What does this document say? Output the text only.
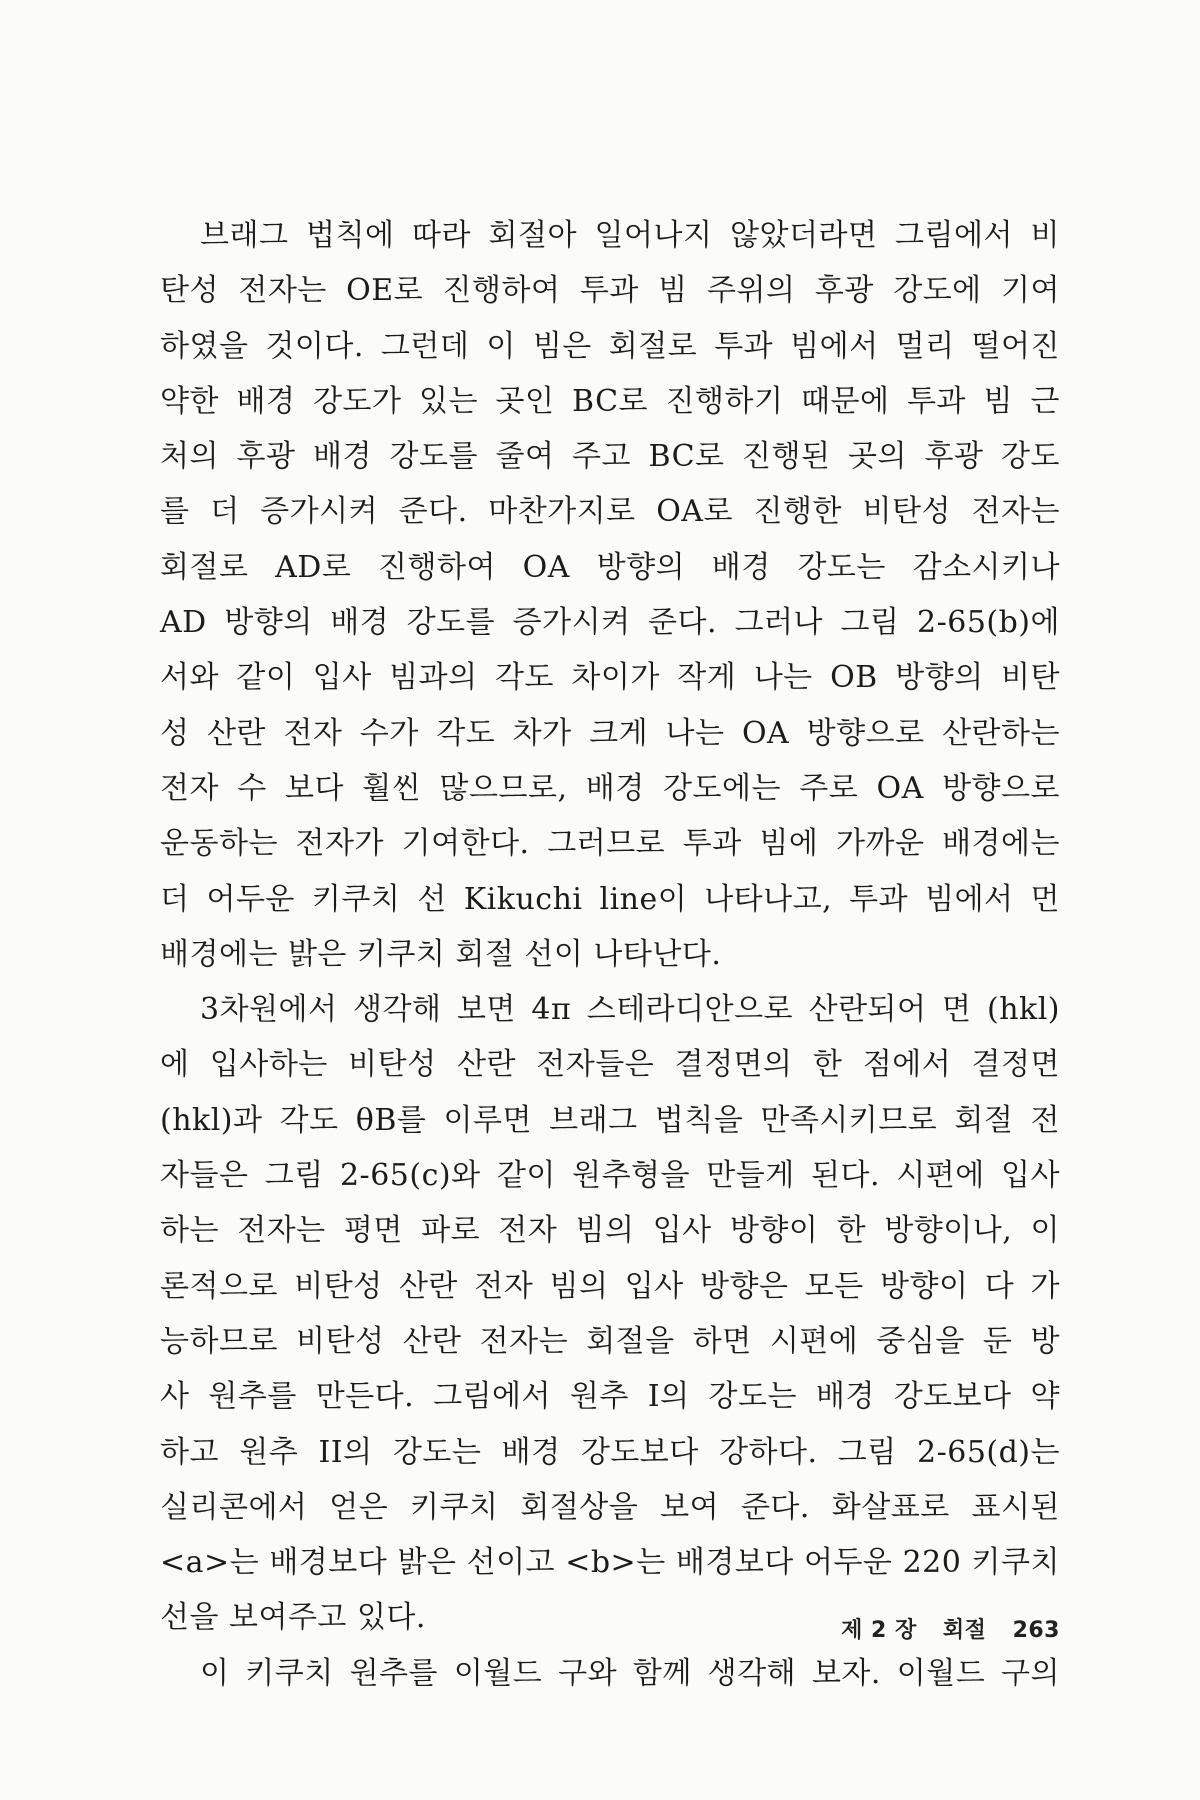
브래그 법칙에 따라 회절아 일어나지 않았더라면 그림에서 비
탄성 전자는 OE로 진행하여 투과 빔 주위의 후광 강도에 기여
하였을 것이다. 그런데 이 빔은 회절로 투과 빔에서 멀리 떨어진
약한 배경 강도가 있는 곳인 BC로 진행하기 때문에 투과 빔 근
처의 후광 배경 강도를 줄여 주고 BC로 진행된 곳의 후광 강도
를 더 증가시켜 준다. 마찬가지로 OA로 진행한 비탄성 전자는
회절로 AD로 진행하여 OA 방향의 배경 강도는 감소시키나
AD 방향의 배경 강도를 증가시켜 준다. 그러나 그림 2-65(b)에
서와 같이 입사 빔과의 각도 차이가 작게 나는 OB 방향의 비탄
성 산란 전자 수가 각도 차가 크게 나는 OA 방향으로 산란하는
전자 수 보다 훨씬 많으므로, 배경 강도에는 주로 OA 방향으로
운동하는 전자가 기여한다. 그러므로 투과 빔에 가까운 배경에는
더 어두운 키쿠치 선 Kikuchi line이 나타나고, 투과 빔에서 먼
배경에는 밝은 키쿠치 회절 선이 나타난다.
3차원에서 생각해 보면 4π 스테라디안으로 산란되어 면 (hkl)
에 입사하는 비탄성 산란 전자들은 결정면의 한 점에서 결정면
(hkl)과 각도 θB를 이루면 브래그 법칙을 만족시키므로 회절 전
자들은 그림 2-65(c)와 같이 원추형을 만들게 된다. 시편에 입사
하는 전자는 평면 파로 전자 빔의 입사 방향이 한 방향이나, 이
론적으로 비탄성 산란 전자 빔의 입사 방향은 모든 방향이 다 가
능하므로 비탄성 산란 전자는 회절을 하면 시편에 중심을 둔 방
사 원추를 만든다. 그림에서 원추 I의 강도는 배경 강도보다 약
하고 원추 II의 강도는 배경 강도보다 강하다. 그림 2-65(d)는
실리콘에서 얻은 키쿠치 회절상을 보여 준다. 화살표로 표시된
<a>는 배경보다 밝은 선이고 <b>는 배경보다 어두운 220 키쿠치
선을 보여주고 있다.
이 키쿠치 원추를 이월드 구와 함께 생각해 보자. 이월드 구의
제 2 장 회절 263
